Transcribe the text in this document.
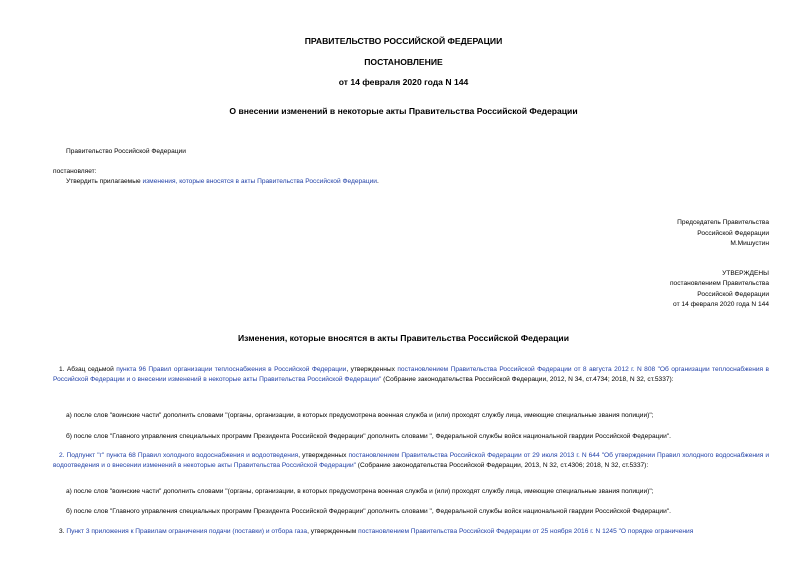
ПРАВИТЕЛЬСТВО РОССИЙСКОЙ ФЕДЕРАЦИИ
ПОСТАНОВЛЕНИЕ
от 14 февраля 2020 года N 144
О внесении изменений в некоторые акты Правительства Российской Федерации
Правительство Российской Федерации
постановляет:
Утвердить прилагаемые изменения, которые вносятся в акты Правительства Российской Федерации.
Председатель Правительства
Российской Федерации
М.Мишустин
УТВЕРЖДЕНЫ
постановлением Правительства
Российской Федерации
от 14 февраля 2020 года N 144
Изменения, которые вносятся в акты Правительства Российской Федерации
1. Абзац седьмой пункта 96 Правил организации теплоснабжения в Российской Федерации, утвержденных постановлением Правительства Российской Федерации от 8 августа 2012 г. N 808 "Об организации теплоснабжения в Российской Федерации и о внесении изменений в некоторые акты Правительства Российской Федерации" (Собрание законодательства Российской Федерации, 2012, N 34, ст.4734; 2018, N 32, ст.5337):
а) после слов "воинские части" дополнить словами "(органы, организации, в которых предусмотрена военная служба и (или) проходят службу лица, имеющие специальные звания полиции)";
б) после слов "Главного управления специальных программ Президента Российской Федерации" дополнить словами ", Федеральной службы войск национальной гвардии Российской Федерации".
2. Подпункт "г" пункта 68 Правил холодного водоснабжения и водоотведения, утвержденных постановлением Правительства Российской Федерации от 29 июля 2013 г. N 644 "Об утверждении Правил холодного водоснабжения и водоотведения и о внесении изменений в некоторые акты Правительства Российской Федерации" (Собрание законодательства Российской Федерации, 2013, N 32, ст.4306; 2018, N 32, ст.5337):
а) после слов "воинские части" дополнить словами "(органы, организации, в которых предусмотрена военная служба и (или) проходят службу лица, имеющие специальные звания полиции)";
б) после слов "Главного управления специальных программ Президента Российской Федерации" дополнить словами ", Федеральной службы войск национальной гвардии Российской Федерации".
3. Пункт 3 приложения к Правилам ограничения подачи (поставки) и отбора газа, утвержденным постановлением Правительства Российской Федерации от 25 ноября 2016 г. N 1245 "О порядке ограничения
